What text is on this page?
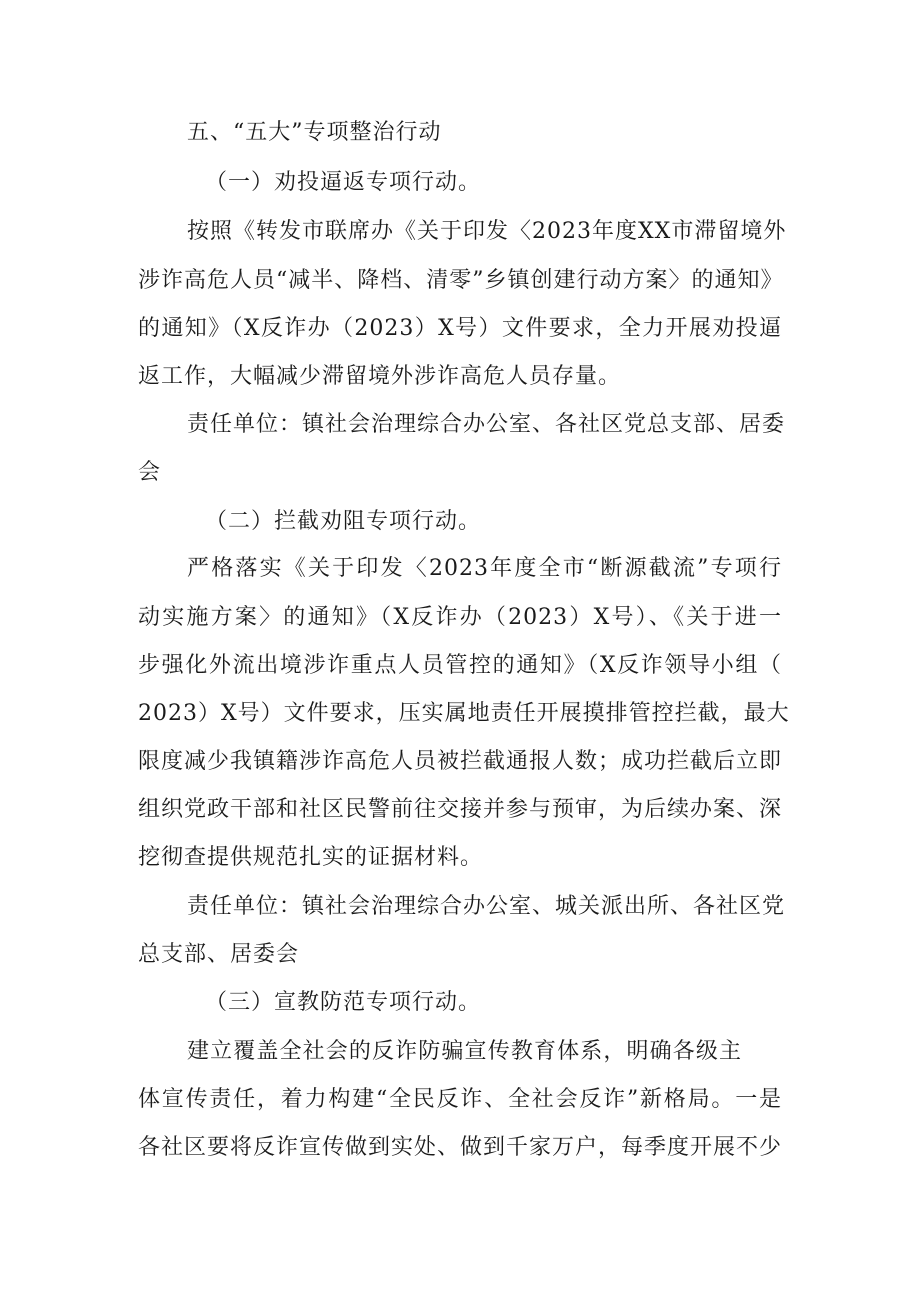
五、“五大”专项整治行动
（一）劝投逼返专项行动。
按照《转发市联席办《关于印发〈2023年度XX市滞留境外
涉诈高危人员“减半、降档、清零”乡镇创建行动方案〉的通知》
的通知》（X反诈办（2023）X号）文件要求，全力开展劝投逼
返工作，大幅减少滞留境外涉诈高危人员存量。
责任单位：镇社会治理综合办公室、各社区党总支部、居委
会
（二）拦截劝阻专项行动。
严格落实《关于印发〈2023年度全市“断源截流”专项行
动实施方案〉的通知》（X反诈办（2023）X号）、《关于进一
步强化外流出境涉诈重点人员管控的通知》（X反诈领导小组（
2023）X号）文件要求，压实属地责任开展摸排管控拦截，最大
限度减少我镇籍涉诈高危人员被拦截通报人数；成功拦截后立即
组织党政干部和社区民警前往交接并参与预审，为后续办案、深
挖彻查提供规范扎实的证据材料。
责任单位：镇社会治理综合办公室、城关派出所、各社区党
总支部、居委会
（三）宣教防范专项行动。
建立覆盖全社会的反诈防骗宣传教育体系，明确各级主
体宣传责任，着力构建“全民反诈、全社会反诈”新格局。一是
各社区要将反诈宣传做到实处、做到千家万户，每季度开展不少
